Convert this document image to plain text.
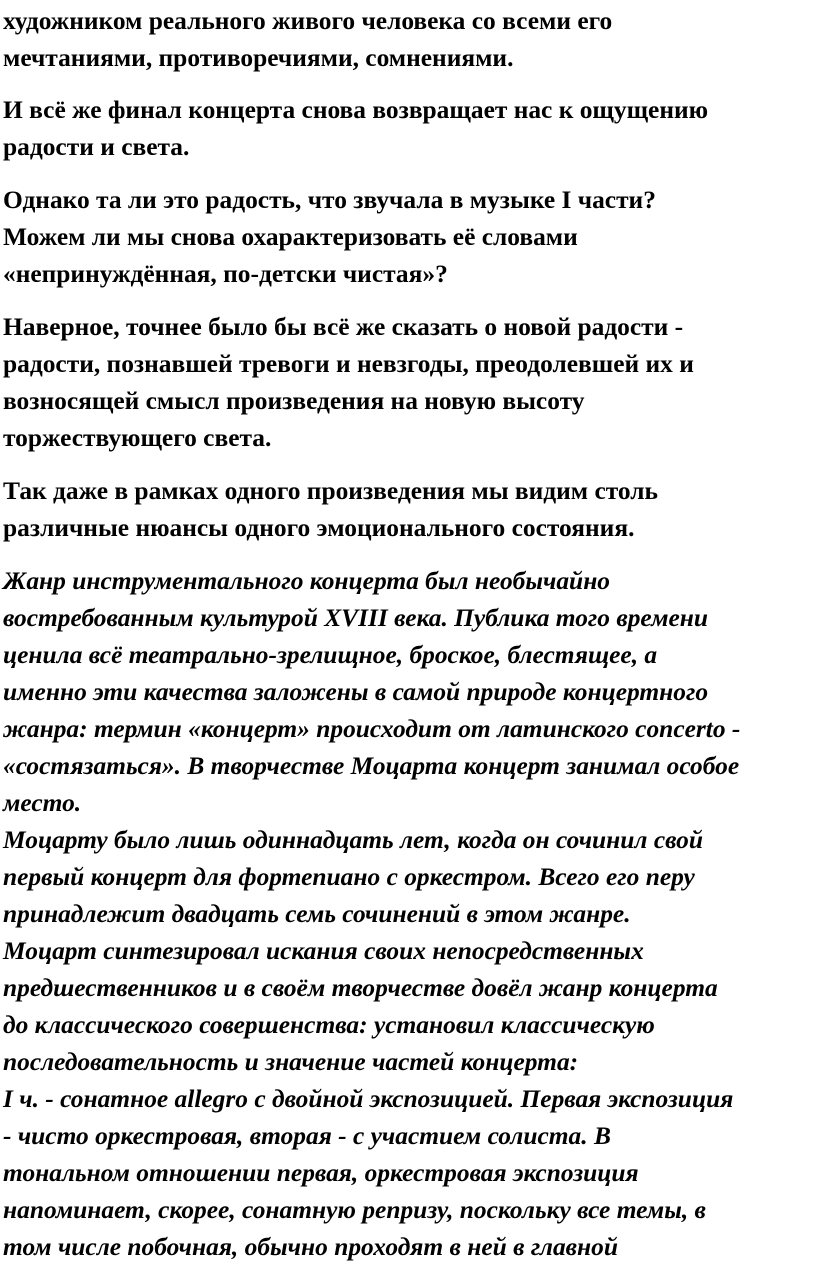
художником реального живого человека со всеми его
мечтаниями, противоречиями, сомнениями.

И всё же финал концерта снова возвращает нас к ощущению
радости и света.

Однако та ли это радость, что звучала в музыке I части?
Можем ли мы снова охарактеризовать её словами
«непринуждённая, по-детски чистая»?

Наверное, точнее было бы всё же сказать о новой радости -
радости, познавшей тревоги и невзгоды, преодолевшей их и
возносящей смысл произведения на новую высоту
торжествующего света.

Так даже в рамках одного произведения мы видим столь
различные нюансы одного эмоционального состояния.

Жанр инструментального концерта был необычайно
востребованным культурой XVIII века. Публика того времени
ценила всё театрально-зрелищное, броское, блестящее, а
именно эти качества заложены в самой природе концертного
жанра: термин «концерт» происходит от латинского concerto -
«состязаться». В творчестве Моцарта концерт занимал особое
место.
Моцарту было лишь одиннадцать лет, когда он сочинил свой
первый концерт для фортепиано с оркестром. Всего его перу
принадлежит двадцать семь сочинений в этом жанре.
Моцарт синтезировал искания своих непосредственных
предшественников и в своём творчестве довёл жанр концерта
до классического совершенства: установил классическую
последовательность и значение частей концерта:
I ч. - сонатное allegro с двойной экспозицией. Первая экспозиция
- чисто оркестровая, вторая - с участием солиста. В
тональном отношении первая, оркестровая экспозиция
напоминает, скорее, сонатную репризу, поскольку все темы, в
том числе побочная, обычно проходят в ней в главной
